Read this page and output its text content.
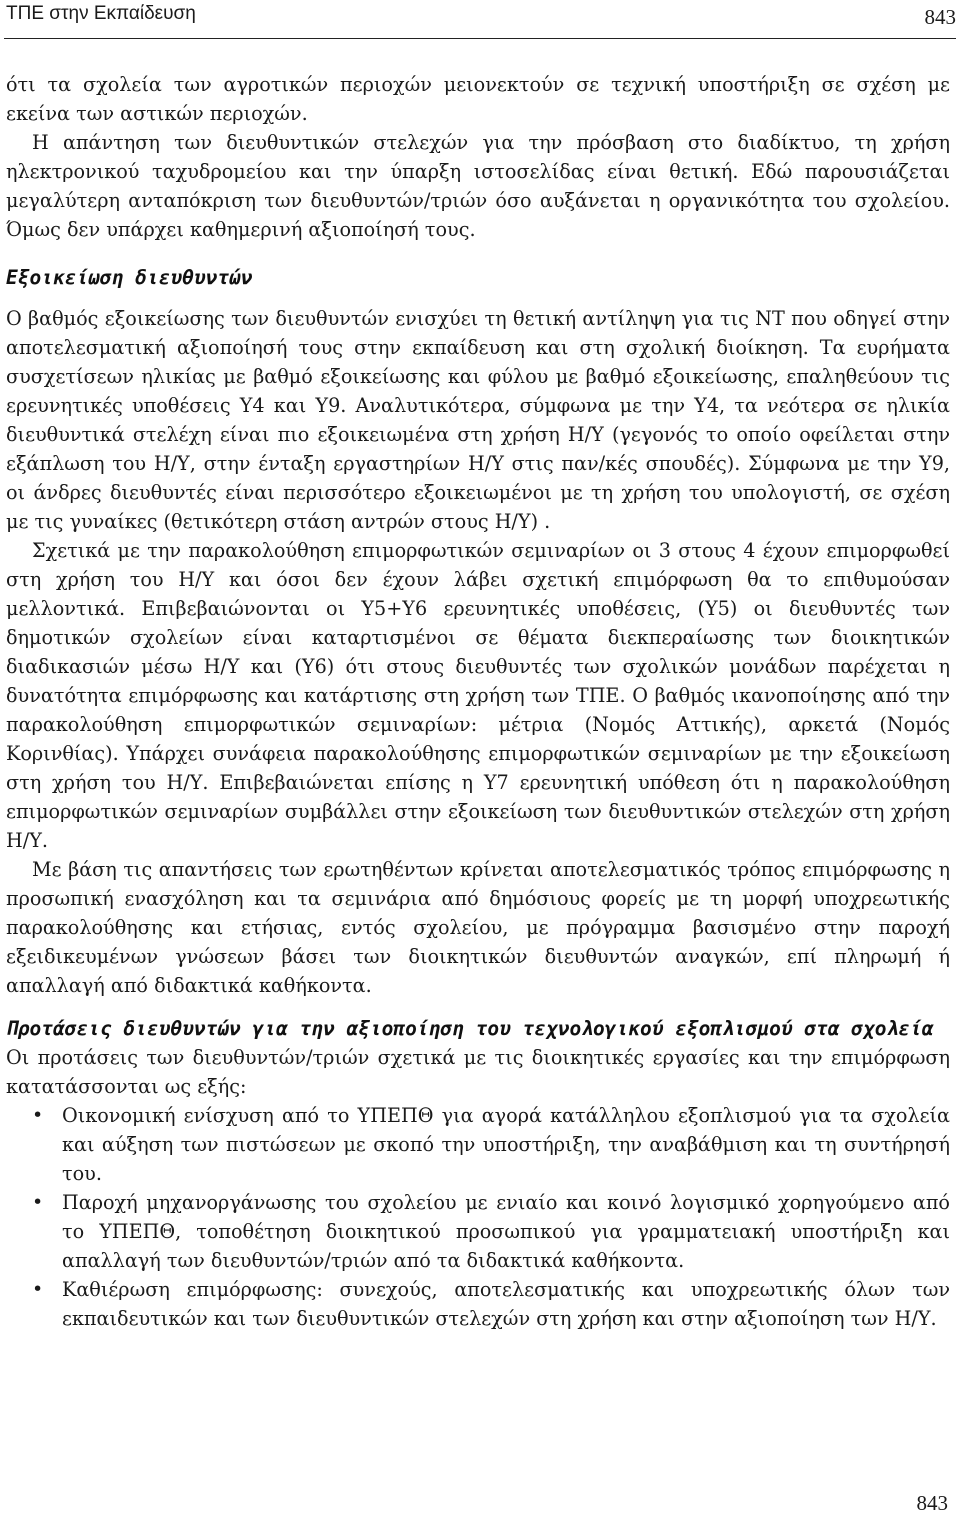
ΤΠΕ στην Εκπαίδευση	843

ότι τα σχολεία των αγροτικών περιοχών μειονεκτούν σε τεχνική υποστήριξη σε σχέση με εκείνα των αστικών περιοχών.

Η απάντηση των διευθυντικών στελεχών για την πρόσβαση στο διαδίκτυο, τη χρήση ηλεκτρονικού ταχυδρομείου και την ύπαρξη ιστοσελίδας είναι θετική. Εδώ παρουσιάζεται μεγαλύτερη ανταπόκριση των διευθυντών/τριών όσο αυξάνεται η οργανικότητα του σχολείου. Όμως δεν υπάρχει καθημερινή αξιοποίησή τους.

Εξοικείωση διευθυντών

Ο βαθμός εξοικείωσης των διευθυντών ενισχύει τη θετική αντίληψη για τις ΝΤ που οδηγεί στην αποτελεσματική αξιοποίησή τους στην εκπαίδευση και στη σχολική διοίκηση. Τα ευρήματα συσχετίσεων ηλικίας με βαθμό εξοικείωσης και φύλου με βαθμό εξοικείωσης, επαληθεύουν τις ερευνητικές υποθέσεις Υ4 και Υ9. Αναλυτικότερα, σύμφωνα με την Υ4, τα νεότερα σε ηλικία διευθυντικά στελέχη είναι πιο εξοικειωμένα στη χρήση Η/Υ (γεγονός το οποίο οφείλεται στην εξάπλωση του Η/Υ, στην ένταξη εργαστηρίων Η/Υ στις παν/κές σπουδές). Σύμφωνα με την Υ9, οι άνδρες διευθυντές είναι περισσότερο εξοικειωμένοι με τη χρήση του υπολογιστή, σε σχέση με τις γυναίκες (θετικότερη στάση αντρών στους Η/Υ) .

Σχετικά με την παρακολούθηση επιμορφωτικών σεμιναρίων οι 3 στους 4 έχουν επιμορφωθεί στη χρήση του Η/Υ και όσοι δεν έχουν λάβει σχετική επιμόρφωση θα το επιθυμούσαν μελλοντικά. Επιβεβαιώνονται οι Υ5+Υ6 ερευνητικές υποθέσεις, (Υ5) οι διευθυντές των δημοτικών σχολείων είναι καταρτισμένοι σε θέματα διεκπεραίωσης των διοικητικών διαδικασιών μέσω Η/Υ και (Υ6) ότι στους διευθυντές των σχολικών μονάδων παρέχεται η δυνατότητα επιμόρφωσης και κατάρτισης στη χρήση των ΤΠΕ. Ο βαθμός ικανοποίησης από την παρακολούθηση επιμορφωτικών σεμιναρίων: μέτρια (Νομός Αττικής), αρκετά (Νομός Κορινθίας). Υπάρχει συνάφεια παρακολούθησης επιμορφωτικών σεμιναρίων με την εξοικείωση στη χρήση του Η/Υ. Επιβεβαιώνεται επίσης η Υ7 ερευνητική υπόθεση ότι η παρακολούθηση επιμορφωτικών σεμιναρίων συμβάλλει στην εξοικείωση των διευθυντικών στελεχών στη χρήση Η/Υ.

Με βάση τις απαντήσεις των ερωτηθέντων κρίνεται αποτελεσματικός τρόπος επιμόρφωσης η προσωπική ενασχόληση και τα σεμινάρια από δημόσιους φορείς με τη μορφή υποχρεωτικής παρακολούθησης και ετήσιας, εντός σχολείου, με πρόγραμμα βασισμένο στην παροχή εξειδικευμένων γνώσεων βάσει των διοικητικών διευθυντών αναγκών, επί πληρωμή ή απαλλαγή από διδακτικά καθήκοντα.

Προτάσεις διευθυντών για την αξιοποίηση του τεχνολογικού εξοπλισμού στα σχολεία

Οι προτάσεις των διευθυντών/τριών σχετικά με τις διοικητικές εργασίες και την επιμόρφωση κατατάσσονται ως εξής:

• Οικονομική ενίσχυση από το ΥΠΕΠΘ για αγορά κατάλληλου εξοπλισμού για τα σχολεία και αύξηση των πιστώσεων με σκοπό την υποστήριξη, την αναβάθμιση και τη συντήρησή του.
• Παροχή μηχανοργάνωσης του σχολείου με ενιαίο και κοινό λογισμικό χορηγούμενο από το ΥΠΕΠΘ, τοποθέτηση διοικητικού προσωπικού για γραμματειακή υποστήριξη και απαλλαγή των διευθυντών/τριών από τα διδακτικά καθήκοντα.
• Καθιέρωση επιμόρφωσης: συνεχούς, αποτελεσματικής και υποχρεωτικής όλων των εκπαιδευτικών και των διευθυντικών στελεχών στη χρήση και στην αξιοποίηση των Η/Υ.
843
